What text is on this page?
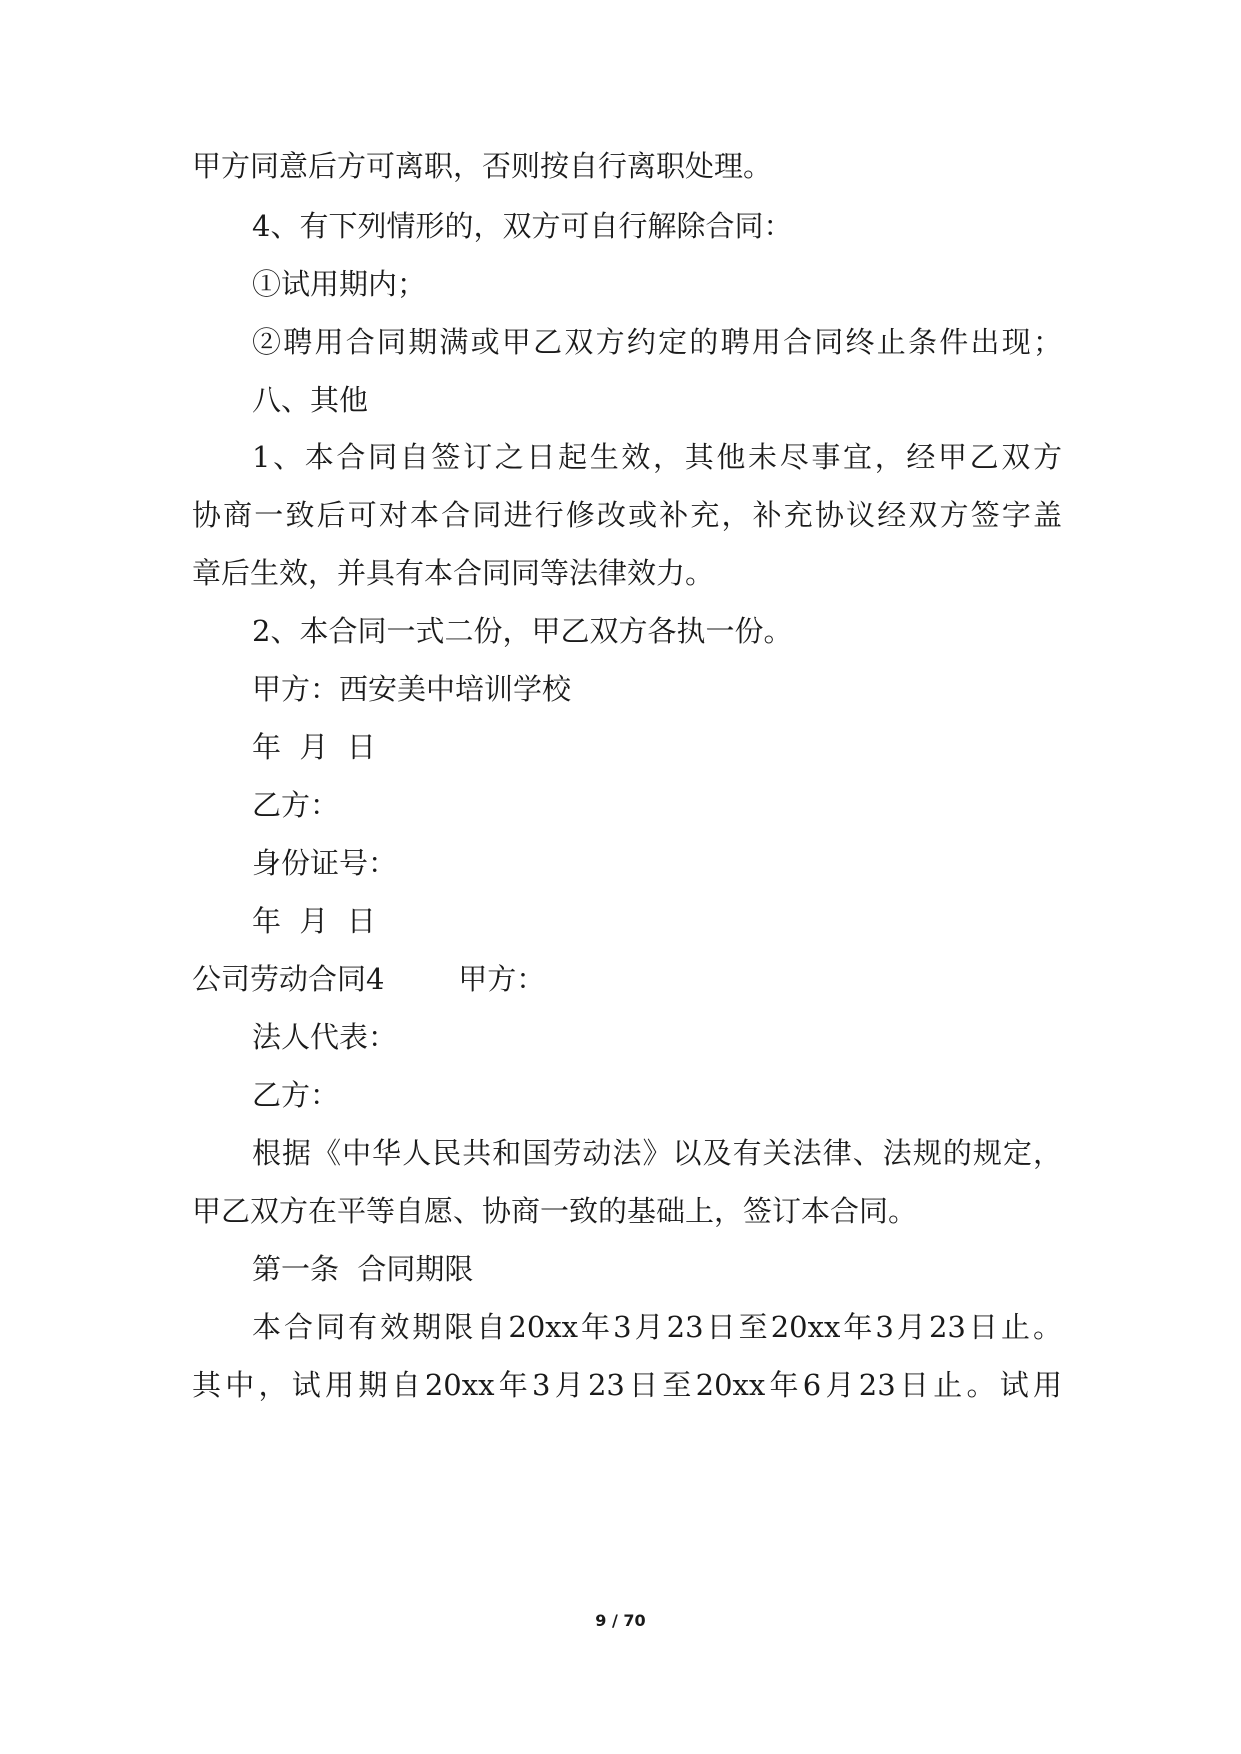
甲方同意后方可离职，否则按自行离职处理。
4、有下列情形的，双方可自行解除合同：
①试用期内；
②聘用合同期满或甲乙双方约定的聘用合同终止条件出现；
八、其他
1、本合同自签订之日起生效，其他未尽事宜，经甲乙双方
协商一致后可对本合同进行修改或补充，补充协议经双方签字盖
章后生效，并具有本合同同等法律效力。
2、本合同一式二份，甲乙双方各执一份。
甲方：西安美中培训学校
年  月  日
乙方：
身份证号：
年  月  日
公司劳动合同4        甲方：
法人代表：
乙方：
根据《中华人民共和国劳动法》以及有关法律、法规的规定，
甲乙双方在平等自愿、协商一致的基础上，签订本合同。
第一条  合同期限
本合同有效期限自20xx年3月23日至20xx年3月23日止。
其中，试用期自20xx年3月23日至20xx年6月23日止。试用
9 / 70
